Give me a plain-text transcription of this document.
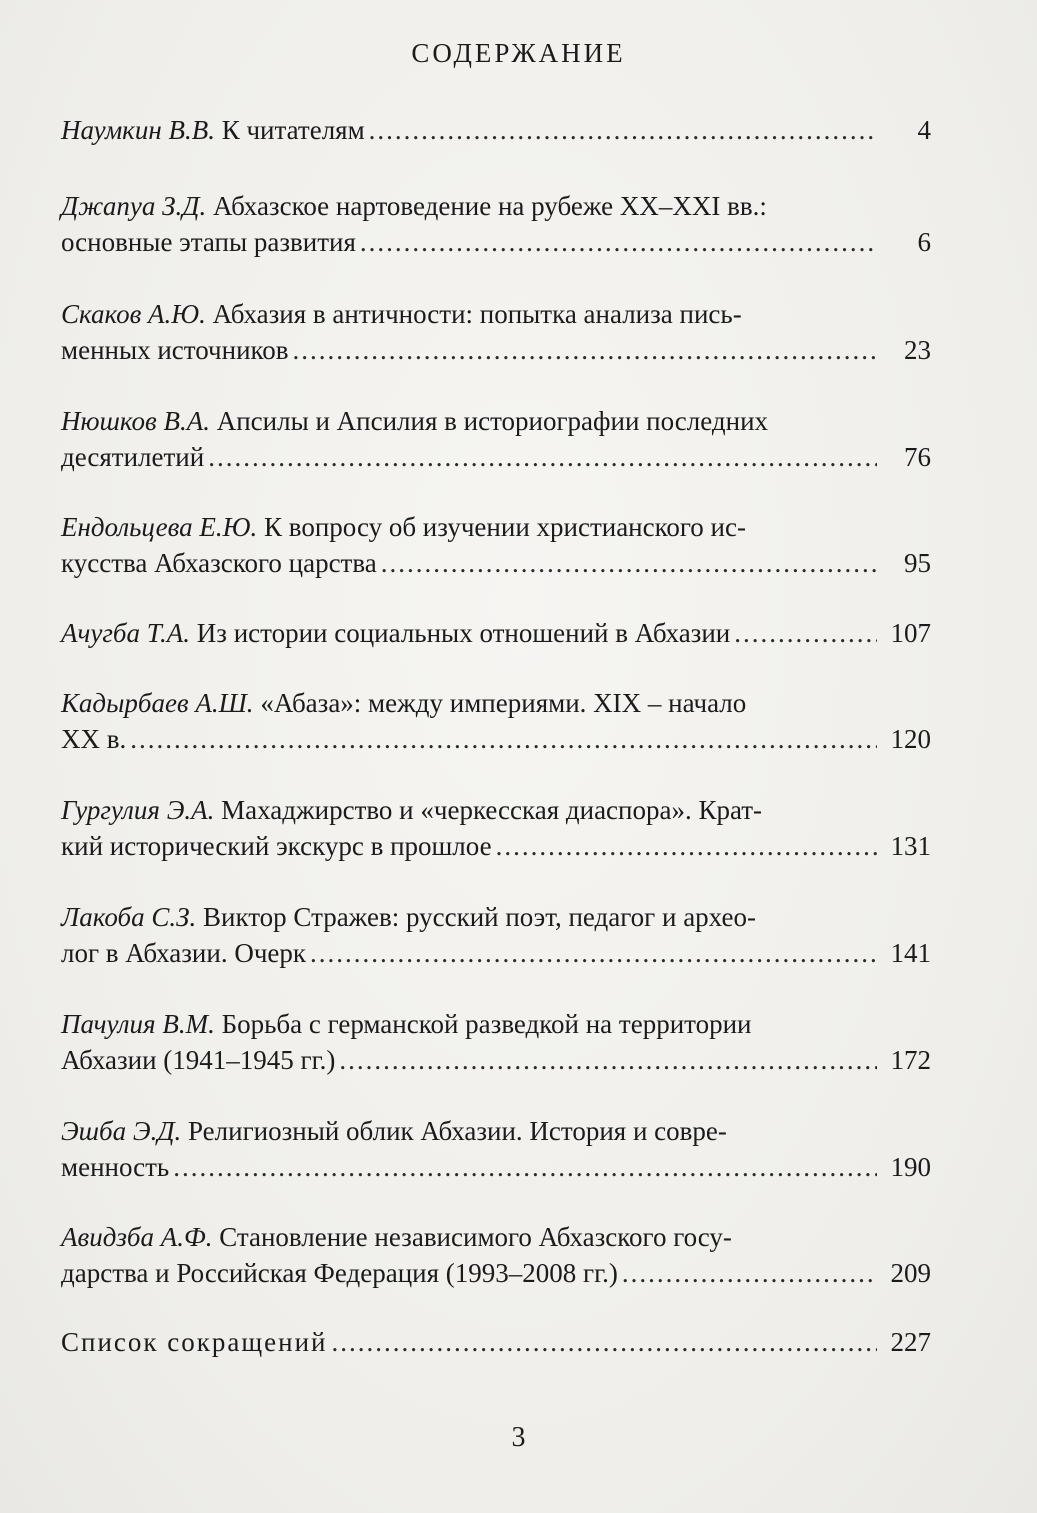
СОДЕРЖАНИЕ
Наумкин В.В. К читателям .....	4
Джапуа З.Д. Абхазское нартоведение на рубеже XX–XXI вв.:
основные этапы развития .....	6
Скаков А.Ю. Абхазия в античности: попытка анализа пись-
менных источников .....	23
Нюшков В.А. Апсилы и Апсилия в историографии последних
десятилетий .....	76
Ендольцева Е.Ю. К вопросу об изучении христианского ис-
кусства Абхазского царства .....	95
Ачугба Т.А. Из истории социальных отношений в Абхазии .....	107
Кадырбаев А.Ш. «Абаза»: между империями. XIX – начало
XX в. .....	120
Гургулия Э.А. Махаджирство и «черкесская диаспора». Крат-
кий исторический экскурс в прошлое .....	131
Лакоба С.З. Виктор Стражев: русский поэт, педагог и архео-
лог в Абхазии. Очерк .....	141
Пачулия В.М. Борьба с германской разведкой на территории
Абхазии (1941–1945 гг.) .....	172
Эшба Э.Д. Религиозный облик Абхазии. История и совре-
менность .....	190
Авидзба А.Ф. Становление независимого Абхазского госу-
дарства и Российская Федерация (1993–2008 гг.) .....	209
Список сокращений .....	227
3
